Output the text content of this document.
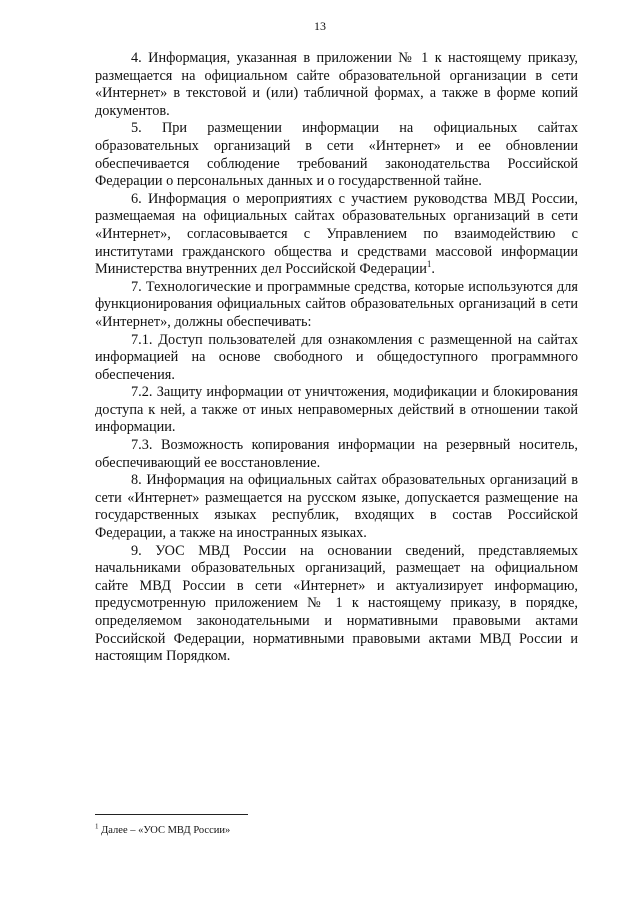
13

4. Информация, указанная в приложении № 1 к настоящему приказу, размещается на официальном сайте образовательной организации в сети «Интернет» в текстовой и (или) табличной формах, а также в форме копий документов.

5. При размещении информации на официальных сайтах образовательных организаций в сети «Интернет» и ее обновлении обеспечивается соблюдение требований законодательства Российской Федерации о персональных данных и о государственной тайне.

6. Информация о мероприятиях с участием руководства МВД России, размещаемая на официальных сайтах образовательных организаций в сети «Интернет», согласовывается с Управлением по взаимодействию с институтами гражданского общества и средствами массовой информации Министерства внутренних дел Российской Федерации$^1$.

7. Технологические и программные средства, которые используются для функционирования официальных сайтов образовательных организаций в сети «Интернет», должны обеспечивать:

7.1. Доступ пользователей для ознакомления с размещенной на сайтах информацией на основе свободного и общедоступного программного обеспечения.

7.2. Защиту информации от уничтожения, модификации и блокирования доступа к ней, а также от иных неправомерных действий в отношении такой информации.

7.3. Возможность копирования информации на резервный носитель, обеспечивающий ее восстановление.

8. Информация на официальных сайтах образовательных организаций в сети «Интернет» размещается на русском языке, допускается размещение на государственных языках республик, входящих в состав Российской Федерации, а также на иностранных языках.

9. УОС МВД России на основании сведений, представляемых начальниками образовательных организаций, размещает на официальном сайте МВД России в сети «Интернет» и актуализирует информацию, предусмотренную приложением № 1 к настоящему приказу, в порядке, определяемом законодательными и нормативными правовыми актами Российской Федерации, нормативными правовыми актами МВД России и настоящим Порядком.

$^1$ Далее – «УОС МВД России»
